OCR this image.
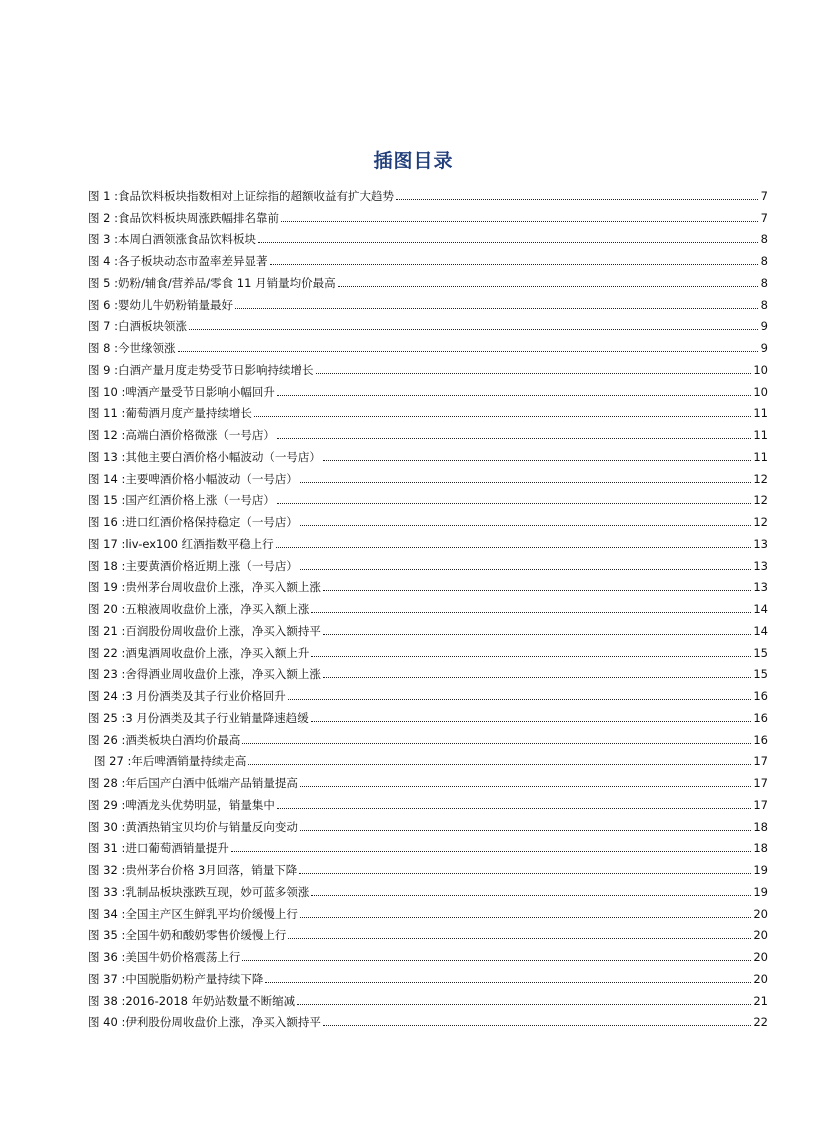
插图目录
图 1 :食品饮料板块指数相对上证综指的超额收益有扩大趋势	7
图 2 :食品饮料板块周涨跌幅排名靠前	7
图 3 :本周白酒领涨食品饮料板块	8
图 4 :各子板块动态市盈率差异显著	8
图 5 :奶粉/辅食/营养品/零食 11 月销量均价最高	8
图 6 :婴幼儿牛奶粉销量最好	8
图 7 :白酒板块领涨	9
图 8 :今世缘领涨	9
图 9 :白酒产量月度走势受节日影响持续增长	10
图 10 :啤酒产量受节日影响小幅回升	10
图 11 :葡萄酒月度产量持续增长	11
图 12 :高端白酒价格微涨（一号店）	11
图 13 :其他主要白酒价格小幅波动（一号店）	11
图 14 :主要啤酒价格小幅波动（一号店）	12
图 15 :国产红酒价格上涨（一号店）	12
图 16 :进口红酒价格保持稳定（一号店）	12
图 17 :liv-ex100 红酒指数平稳上行	13
图 18 :主要黄酒价格近期上涨（一号店）	13
图 19 :贵州茅台周收盘价上涨，净买入额上涨	13
图 20 :五粮液周收盘价上涨，净买入额上涨	14
图 21 :百润股份周收盘价上涨，净买入额持平	14
图 22 :酒鬼酒周收盘价上涨，净买入额上升	15
图 23 :舍得酒业周收盘价上涨，净买入额上涨	15
图 24 :3 月份酒类及其子行业价格回升	16
图 25 :3 月份酒类及其子行业销量降速趋缓	16
图 26 :酒类板块白酒均价最高	16
图 27 :年后啤酒销量持续走高	17
图 28 :年后国产白酒中低端产品销量提高	17
图 29 :啤酒龙头优势明显，销量集中	17
图 30 :黄酒热销宝贝均价与销量反向变动	18
图 31 :进口葡萄酒销量提升	18
图 32 :贵州茅台价格 3月回落，销量下降	19
图 33 :乳制品板块涨跌互现，妙可蓝多领涨	19
图 34 :全国主产区生鲜乳平均价缓慢上行	20
图 35 :全国牛奶和酸奶零售价缓慢上行	20
图 36 :美国牛奶价格震荡上行	20
图 37 :中国脱脂奶粉产量持续下降	20
图 38 :2016-2018 年奶站数量不断缩减	21
图 40 :伊利股份周收盘价上涨，净买入额持平	22
